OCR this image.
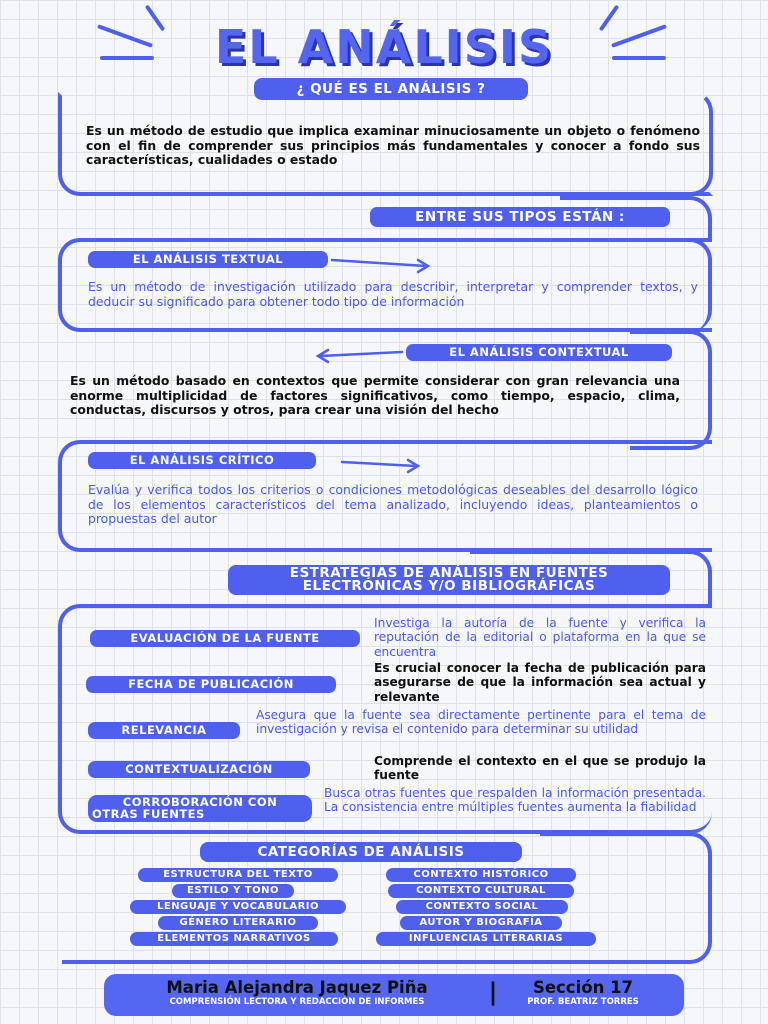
EL ANÁLISIS
¿ QUÉ ES EL ANÁLISIS ?
Es un método de estudio que implica examinar minuciosamente un objeto o fenómeno con el fin de comprender sus principios más fundamentales y conocer a fondo sus características, cualidades o estado
ENTRE SUS TIPOS ESTÁN :
EL ANÁLISIS TEXTUAL
Es un método de investigación utilizado para describir, interpretar y comprender textos, y deducir su significado para obtener todo tipo de información
EL ANÁLISIS CONTEXTUAL
Es un método basado en contextos que permite considerar con gran relevancia una enorme multiplicidad de factores significativos, como tiempo, espacio, clima, conductas, discursos y otros, para crear una visión del hecho
EL ANÁLISIS CRÍTICO
Evalúa y verifica todos los criterios o condiciones metodológicas deseables del desarrollo lógico de los elementos característicos del tema analizado, incluyendo ideas, planteamientos o propuestas del autor
ESTRATEGIAS DE ANÁLISIS EN FUENTES
ELECTRÓNICAS Y/O BIBLIOGRÁFICAS
EVALUACIÓN DE LA FUENTE
Investiga la autoría de la fuente y verifica la reputación de la editorial o plataforma en la que se encuentra
FECHA DE PUBLICACIÓN
Es crucial conocer la fecha de publicación para asegurarse de que la información sea actual y relevante
RELEVANCIA
Asegura que la fuente sea directamente pertinente para el tema de investigación y revisa el contenido para determinar su utilidad
CONTEXTUALIZACIÓN
Comprende el contexto en el que se produjo la fuente
CORROBORACIÓN CON
OTRAS FUENTES
Busca otras fuentes que respalden la información presentada. La consistencia entre múltiples fuentes aumenta la fiabilidad
CATEGORÍAS DE ANÁLISIS
ESTRUCTURA DEL TEXTO
ESTILO Y TONO
LENGUAJE Y VOCABULARIO
GÉNERO LITERARIO
ELEMENTOS NARRATIVOS
CONTEXTO HISTÓRICO
CONTEXTO CULTURAL
CONTEXTO SOCIAL
AUTOR Y BIOGRAFÍA
INFLUENCIAS LITERARIAS
Maria Alejandra Jaquez Piña
COMPRENSIÓN LECTORA Y REDACCIÓN DE INFORMES	|	Sección 17
PROF. BEATRIZ TORRES
